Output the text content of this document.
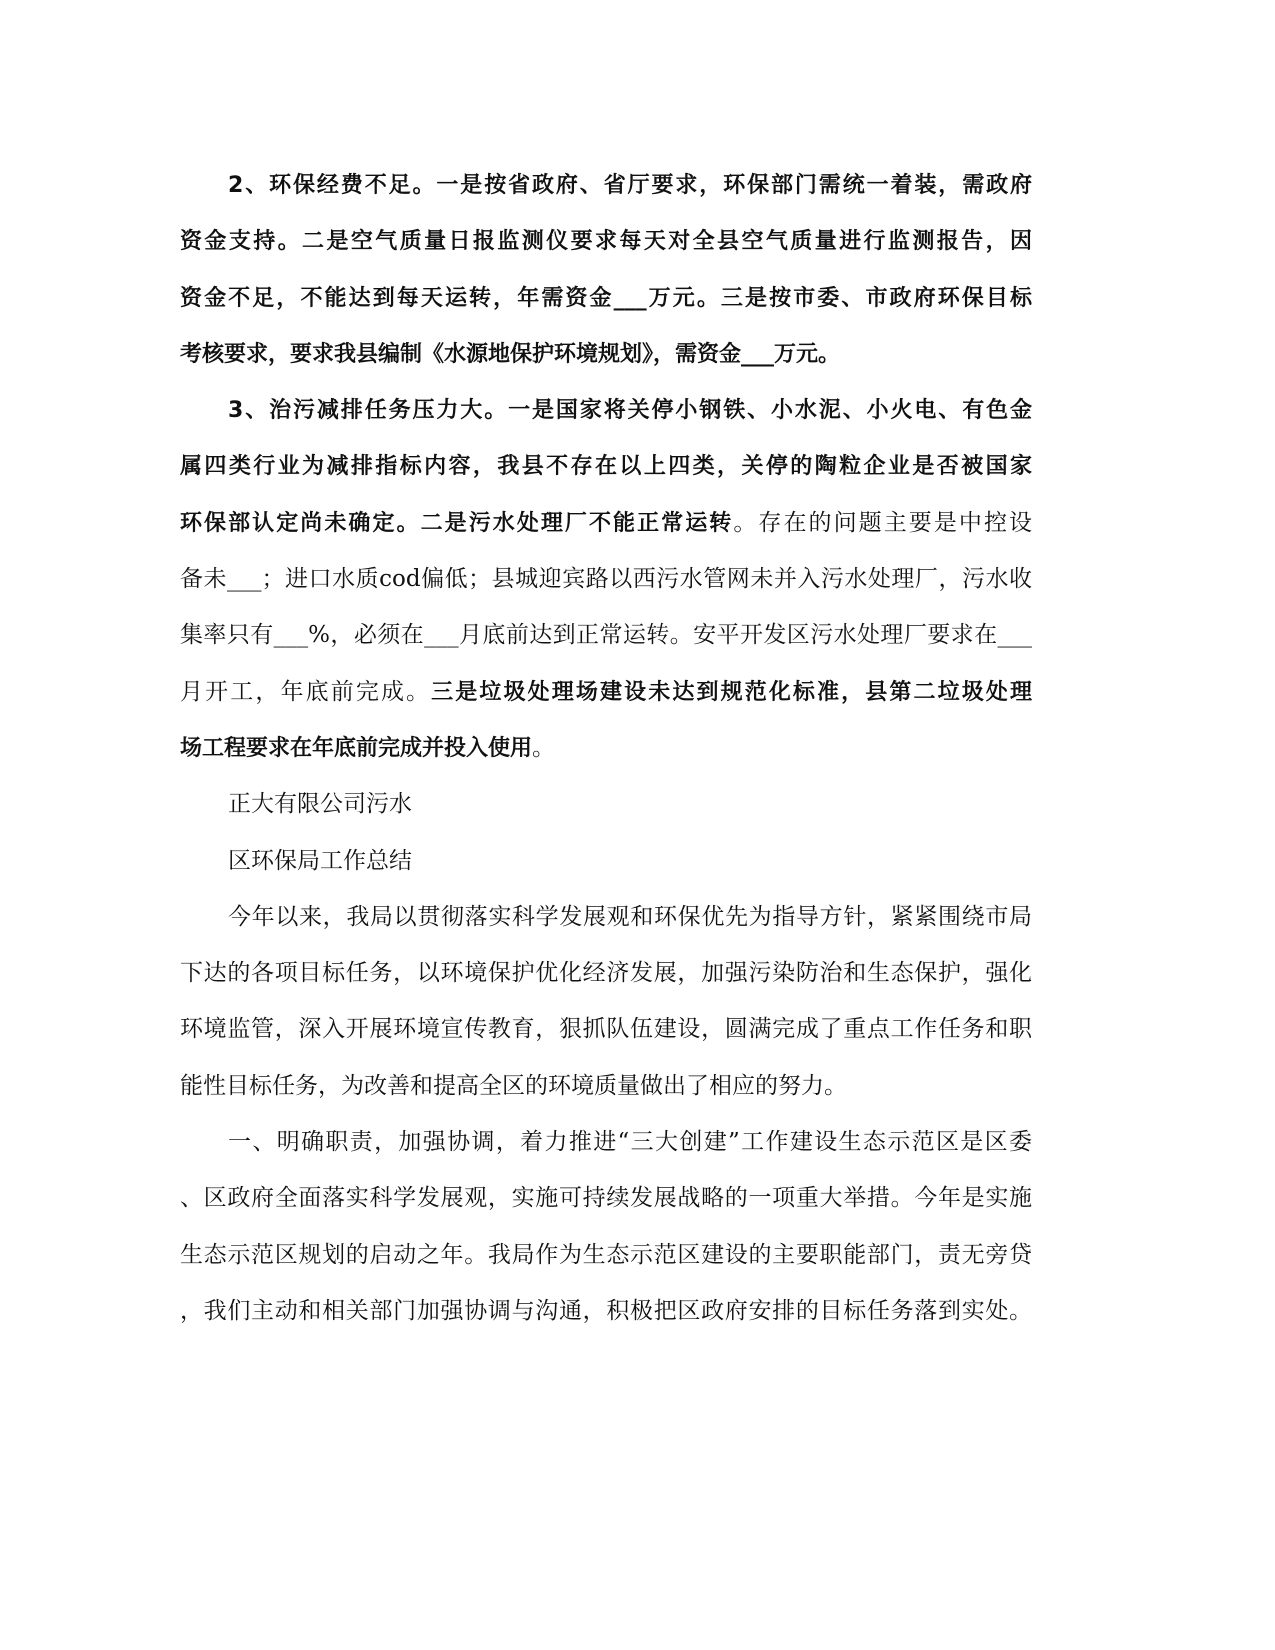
2、环保经费不足。一是按省政府、省厅要求，环保部门需统一着装，需政府
资金支持。二是空气质量日报监测仪要求每天对全县空气质量进行监测报告，因
资金不足，不能达到每天运转，年需资金___万元。三是按市委、市政府环保目标
考核要求，要求我县编制《水源地保护环境规划》，需资金___万元。
3、治污减排任务压力大。一是国家将关停小钢铁、小水泥、小火电、有色金
属四类行业为减排指标内容，我县不存在以上四类，关停的陶粒企业是否被国家
环保部认定尚未确定。二是污水处理厂不能正常运转。存在的问题主要是中控设
备未___；进口水质cod偏低；县城迎宾路以西污水管网未并入污水处理厂，污水收
集率只有___%，必须在___月底前达到正常运转。安平开发区污水处理厂要求在___
月开工，年底前完成。三是垃圾处理场建设未达到规范化标准，县第二垃圾处理
场工程要求在年底前完成并投入使用。
正大有限公司污水
区环保局工作总结
今年以来，我局以贯彻落实科学发展观和环保优先为指导方针，紧紧围绕市局
下达的各项目标任务，以环境保护优化经济发展，加强污染防治和生态保护，强化
环境监管，深入开展环境宣传教育，狠抓队伍建设，圆满完成了重点工作任务和职
能性目标任务，为改善和提高全区的环境质量做出了相应的努力。
一、明确职责，加强协调，着力推进“三大创建”工作建设生态示范区是区委
、区政府全面落实科学发展观，实施可持续发展战略的一项重大举措。今年是实施
生态示范区规划的启动之年。我局作为生态示范区建设的主要职能部门，责无旁贷
，我们主动和相关部门加强协调与沟通，积极把区政府安排的目标任务落到实处。
